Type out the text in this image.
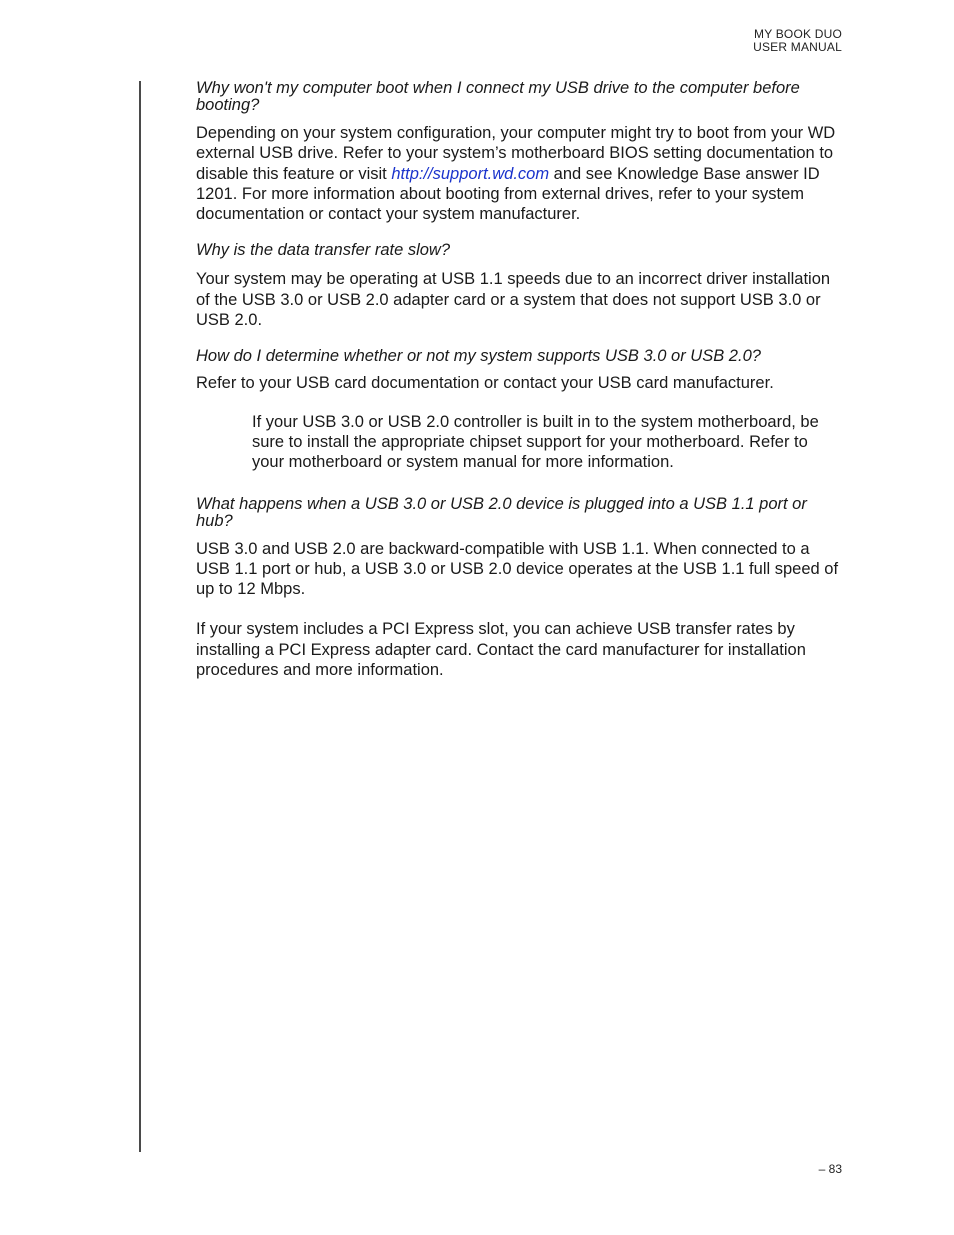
MY BOOK DUO
USER MANUAL

Why won't my computer boot when I connect my USB drive to the computer before booting?

Depending on your system configuration, your computer might try to boot from your WD external USB drive. Refer to your system’s motherboard BIOS setting documentation to disable this feature or visit http://support.wd.com and see Knowledge Base answer ID 1201. For more information about booting from external drives, refer to your system documentation or contact your system manufacturer.

Why is the data transfer rate slow?

Your system may be operating at USB 1.1 speeds due to an incorrect driver installation of the USB 3.0 or USB 2.0 adapter card or a system that does not support USB 3.0 or USB 2.0.

How do I determine whether or not my system supports USB 3.0 or USB 2.0?

Refer to your USB card documentation or contact your USB card manufacturer.

If your USB 3.0 or USB 2.0 controller is built in to the system motherboard, be sure to install the appropriate chipset support for your motherboard. Refer to your motherboard or system manual for more information.

What happens when a USB 3.0 or USB 2.0 device is plugged into a USB 1.1 port or hub?

USB 3.0 and USB 2.0 are backward-compatible with USB 1.1. When connected to a USB 1.1 port or hub, a USB 3.0 or USB 2.0 device operates at the USB 1.1 full speed of up to 12 Mbps.

If your system includes a PCI Express slot, you can achieve USB transfer rates by installing a PCI Express adapter card. Contact the card manufacturer for installation procedures and more information.

– 83
